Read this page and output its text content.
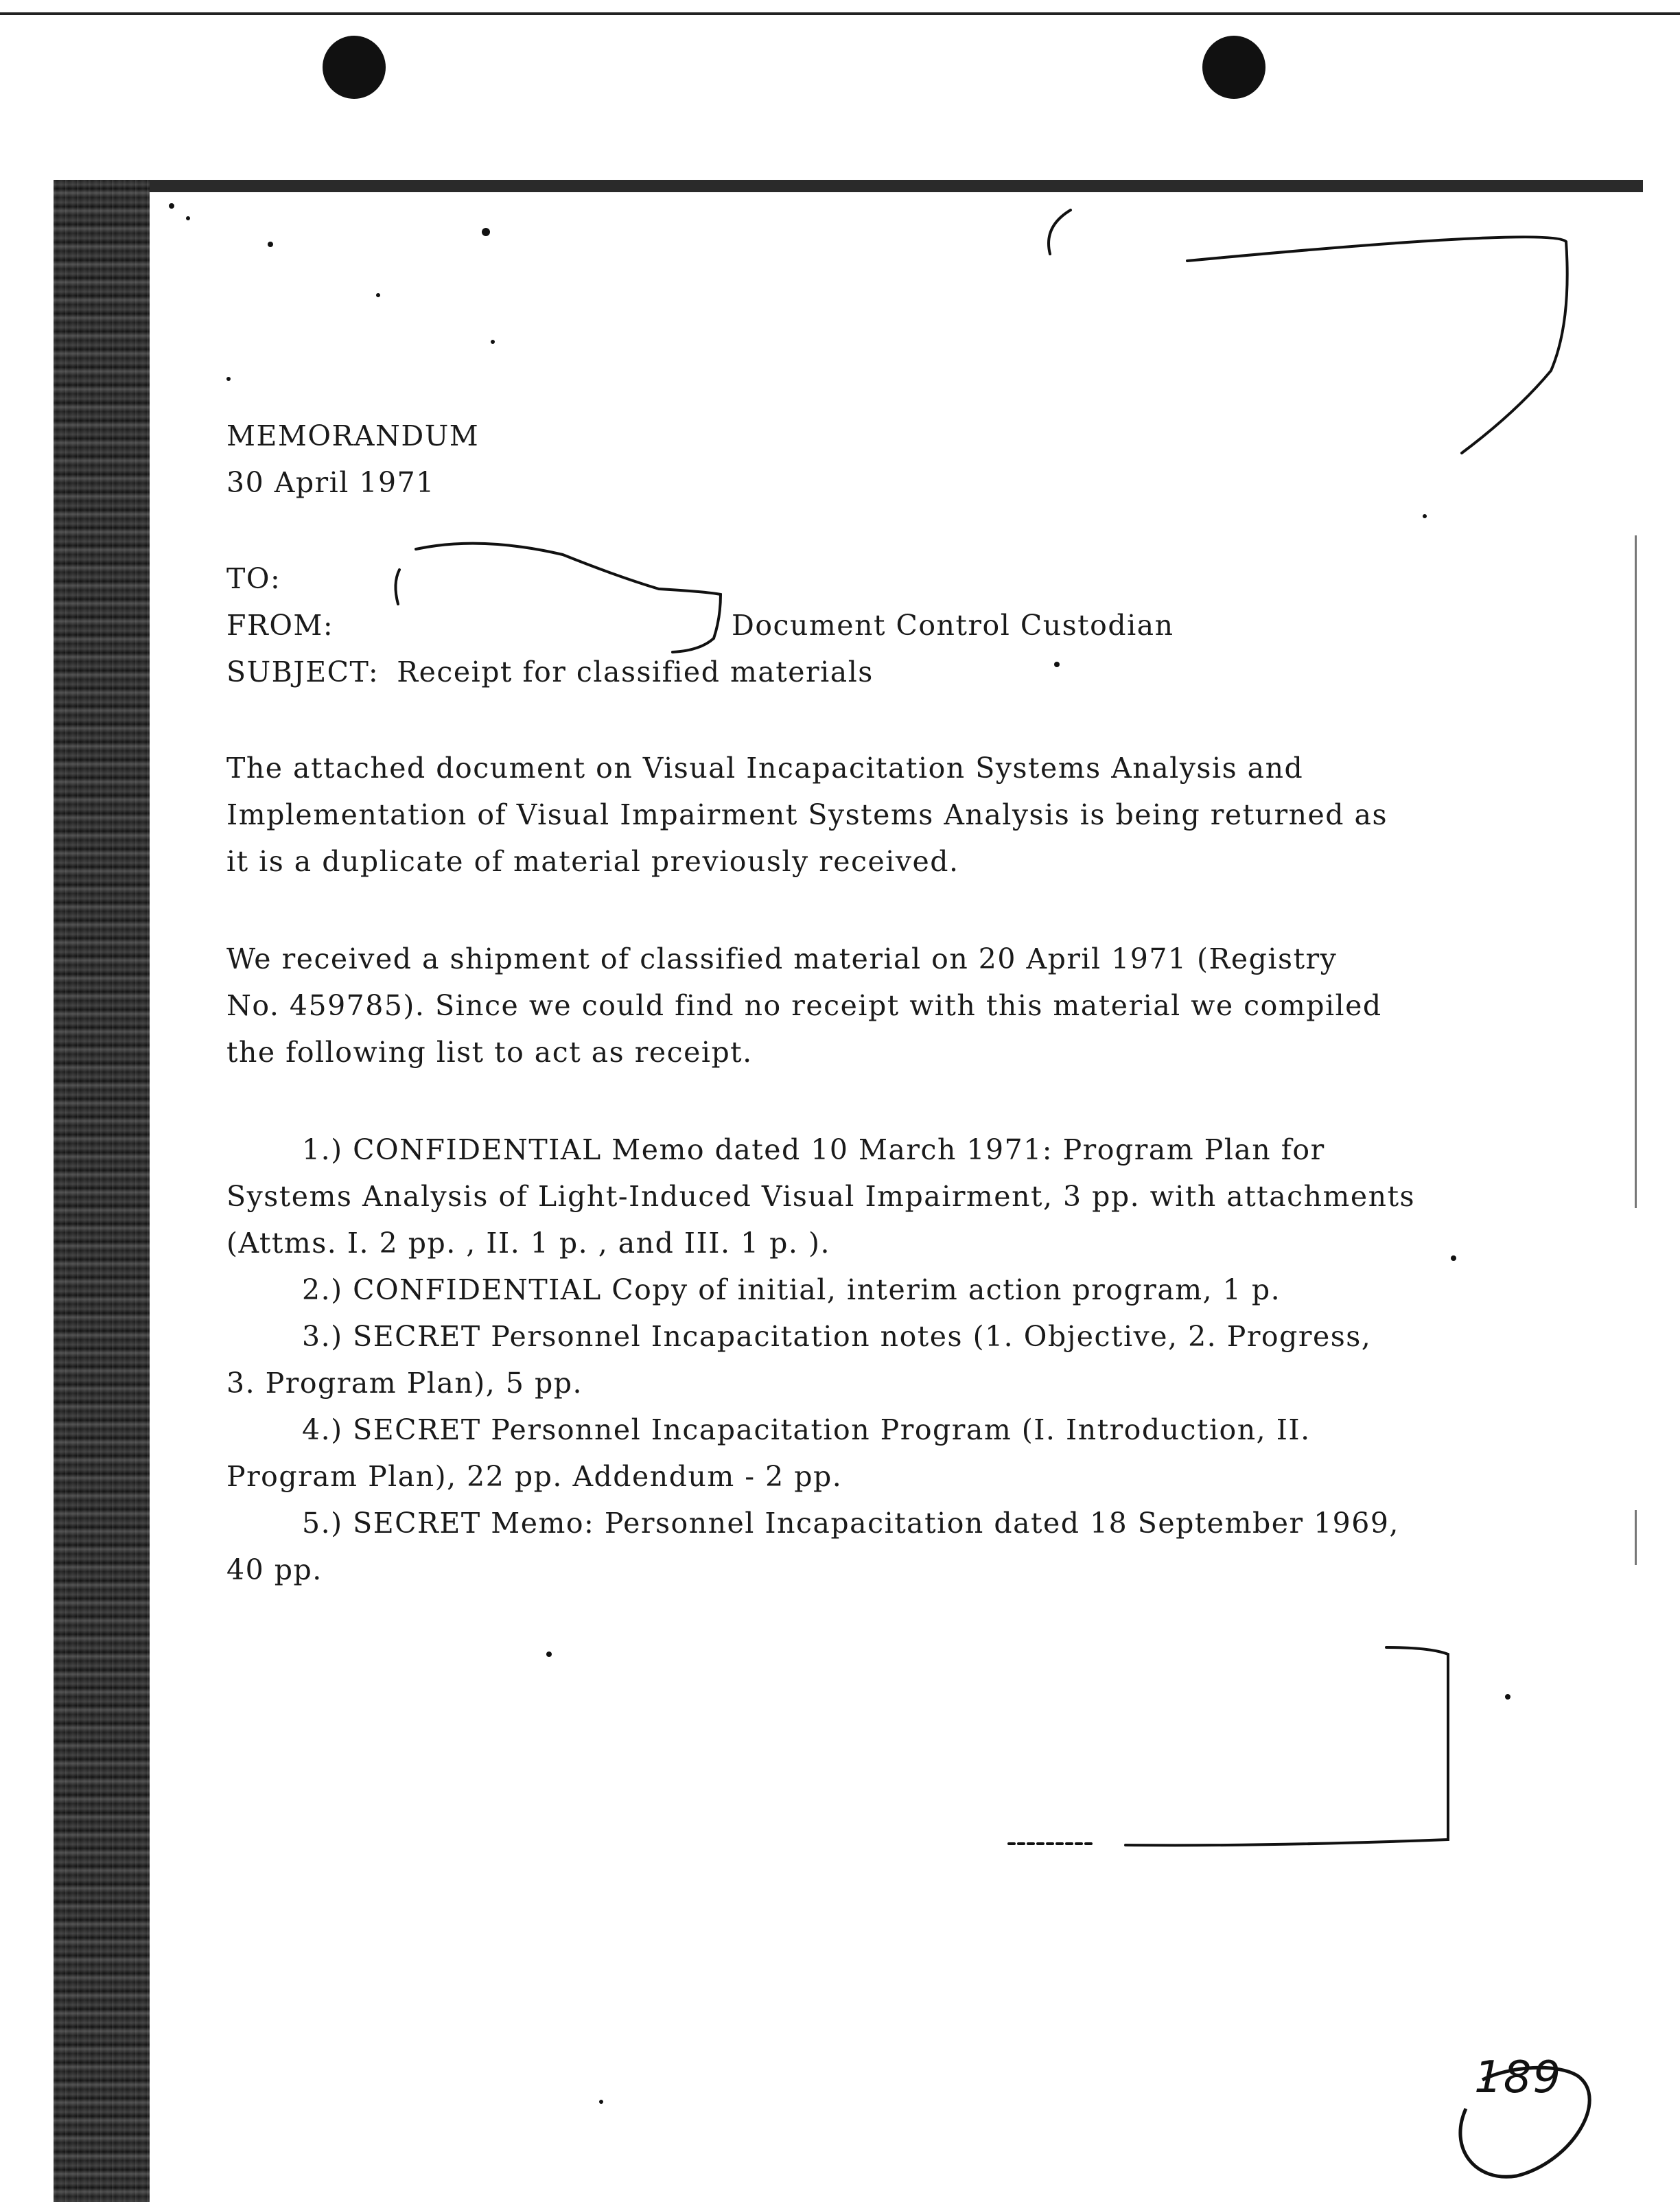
MEMORANDUM
30 April 1971
TO:
FROM:	Document Control Custodian
SUBJECT: Receipt for classified materials
The attached document on Visual Incapacitation Systems Analysis and
Implementation of Visual Impairment Systems Analysis is being returned as
it is a duplicate of material previously received.
We received a shipment of classified material on 20 April 1971 (Registry
No. 459785). Since we could find no receipt with this material we compiled
the following list to act as receipt.
1.) CONFIDENTIAL Memo dated 10 March 1971: Program Plan for
Systems Analysis of Light-Induced Visual Impairment, 3 pp. with attachments
(Attms. I. 2 pp. , II. 1 p. , and III. 1 p. ).
2.) CONFIDENTIAL Copy of initial, interim action program, 1 p.
3.) SECRET Personnel Incapacitation notes (1. Objective, 2. Progress,
3. Program Plan), 5 pp.
4.) SECRET Personnel Incapacitation Program (I. Introduction, II.
Program Plan), 22 pp. Addendum - 2 pp.
5.) SECRET Memo: Personnel Incapacitation dated 18 September 1969,
40 pp.
189
